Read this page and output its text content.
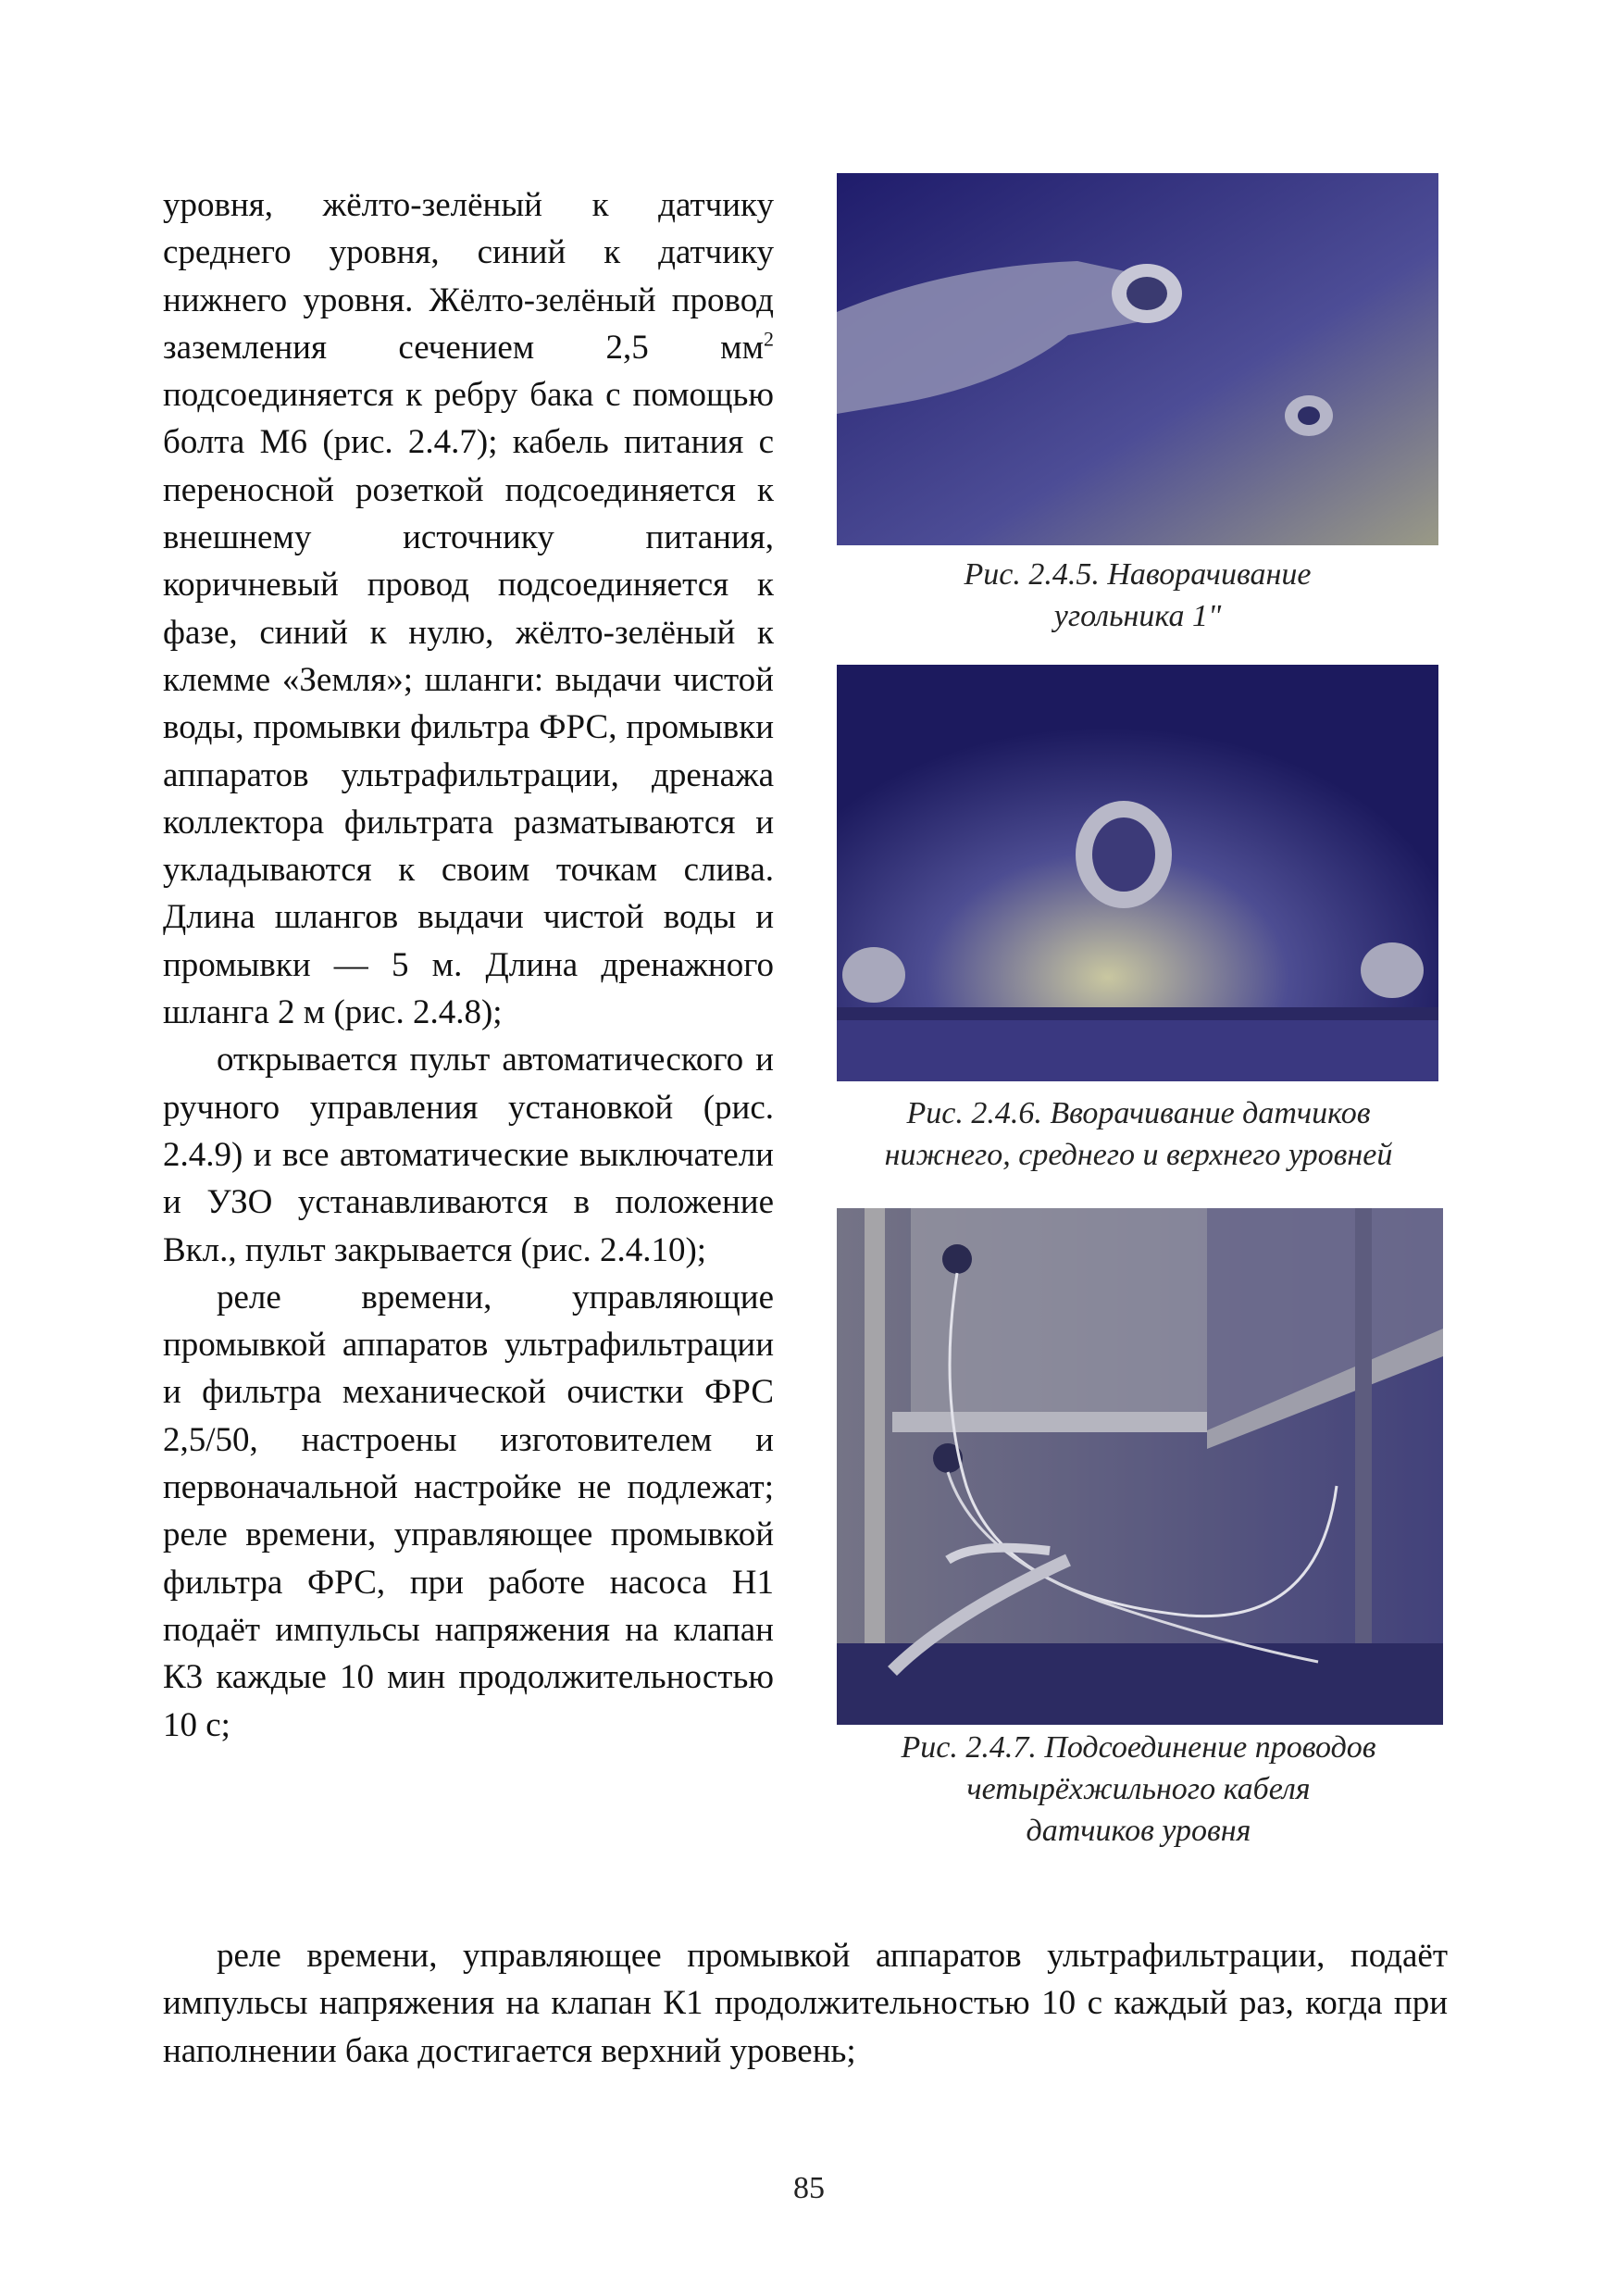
уровня, жёлто-зелёный к датчику среднего уровня, синий к датчику нижнего уровня. Жёлто-зелёный провод заземления сечением 2,5 $мм^2$ подсоединяется к ребру бака с помощью болта М6 (рис. 2.4.7); кабель питания с переносной розеткой подсоединяется к внешнему источнику питания, коричневый провод подсоединяется к фазе, синий к нулю, жёлто-зелёный к клемме «Земля»; шланги: выдачи чистой воды, промывки фильтра ФРС, промывки аппаратов ультрафильтрации, дренажа коллектора фильтрата разматываются и укладываются к своим точкам слива. Длина шлангов выдачи чистой воды и промывки — 5 м. Длина дренажного шланга 2 м (рис. 2.4.8);

открывается пульт автоматического и ручного управления установкой (рис. 2.4.9) и все автоматические выключатели и УЗО устанавливаются в положение Вкл., пульт закрывается (рис. 2.4.10);

реле времени, управляющие промывкой аппаратов ультрафильтрации и фильтра механической очистки ФРС 2,5/50, настроены изготовителем и первоначальной настройке не подлежат; реле времени, управляющее промывкой фильтра ФРС, при работе насоса Н1 подаёт импульсы напряжения на клапан К3 каждые 10 мин продолжительностью 10 с;

Рис. 2.4.5. Наворачивание
угольника 1"
Рис. 2.4.6. Вворачивание датчиков
нижнего, среднего и верхнего уровней
Рис. 2.4.7. Подсоединение проводов
четырёхжильного кабеля
датчиков уровня

реле времени, управляющее промывкой аппаратов ультрафильтрации, подаёт импульсы напряжения на клапан К1 продолжительностью 10 с каждый раз, когда при наполнении бака достигается верхний уровень;

85
